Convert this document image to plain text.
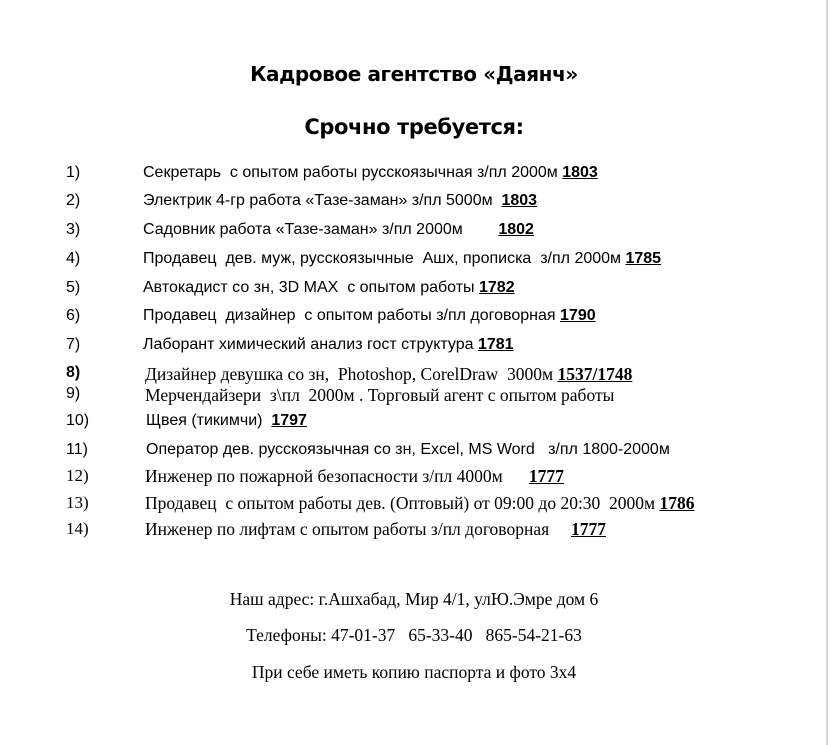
Кадровое агентство «Даянч»
Срочно требуется:
1)	Секретарь  с опытом работы русскоязычная з/пл 2000м 1803
2)	Электрик 4-гр работа «Тазе-заман» з/пл 5000м  1803
3)	Садовник работа «Тазе-заман» з/пл 2000м        1802
4)	Продавец  дев. муж, русскоязычные  Ашх, прописка  з/пл 2000м 1785
5)	Автокадист со зн, 3D MAX  с опытом работы 1782
6)	Продавец  дизайнер  с опытом работы з/пл договорная 1790
7)	Лаборант химический анализ гост структура 1781
8)	Дизайнер девушка со зн,  Photoshop, CorelDraw  3000м 1537/1748
9)	Мерчендайзери  з\пл  2000м . Торговый агент с опытом работы
10)	Щвея (тикимчи)  1797
11)	Оператор дев. русскоязычная со зн, Excel, MS Word   з/пл 1800-2000м
12)	Инженер по пожарной безопасности з/пл 4000м      1777
13)	Продавец  с опытом работы дев. (Оптовый) от 09:00 до 20:30  2000м 1786
14)	Инженер по лифтам с опытом работы з/пл договорная     1777
Наш адрес: г.Ашхабад, Мир 4/1, улЮ.Эмре дом 6
Телефоны: 47-01-37   65-33-40   865-54-21-63
При себе иметь копию паспорта и фото 3х4
